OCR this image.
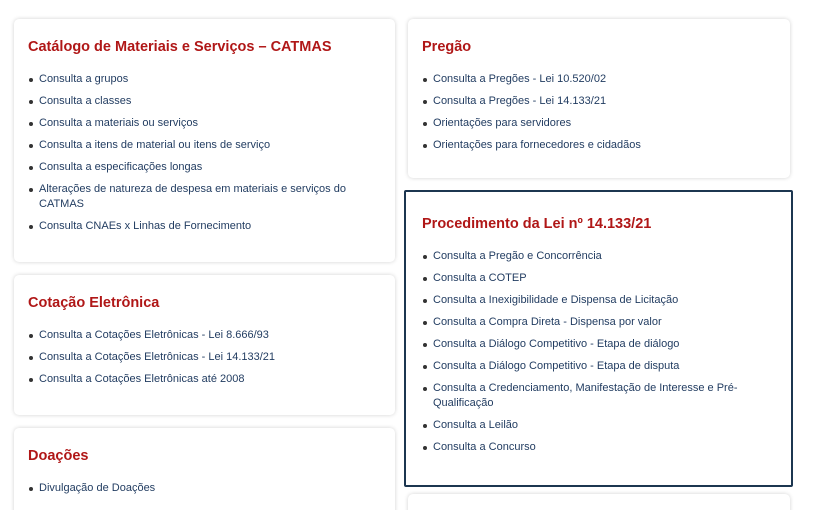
Catálogo de Materiais e Serviços – CATMAS
Consulta a grupos
Consulta a classes
Consulta a materiais ou serviços
Consulta a itens de material ou itens de serviço
Consulta a especificações longas
Alterações de natureza de despesa em materiais e serviços do CATMAS
Consulta CNAEs x Linhas de Fornecimento
Cotação Eletrônica
Consulta a Cotações Eletrônicas - Lei 8.666/93
Consulta a Cotações Eletrônicas - Lei 14.133/21
Consulta a Cotações Eletrônicas até 2008
Doações
Divulgação de Doações
Pregão
Consulta a Pregões - Lei 10.520/02
Consulta a Pregões - Lei 14.133/21
Orientações para servidores
Orientações para fornecedores e cidadãos
Procedimento da Lei nº 14.133/21
Consulta a Pregão e Concorrência
Consulta a COTEP
Consulta a Inexigibilidade e Dispensa de Licitação
Consulta a Compra Direta - Dispensa por valor
Consulta a Diálogo Competitivo - Etapa de diálogo
Consulta a Diálogo Competitivo - Etapa de disputa
Consulta a Credenciamento, Manifestação de Interesse e Pré-Qualificação
Consulta a Leilão
Consulta a Concurso
